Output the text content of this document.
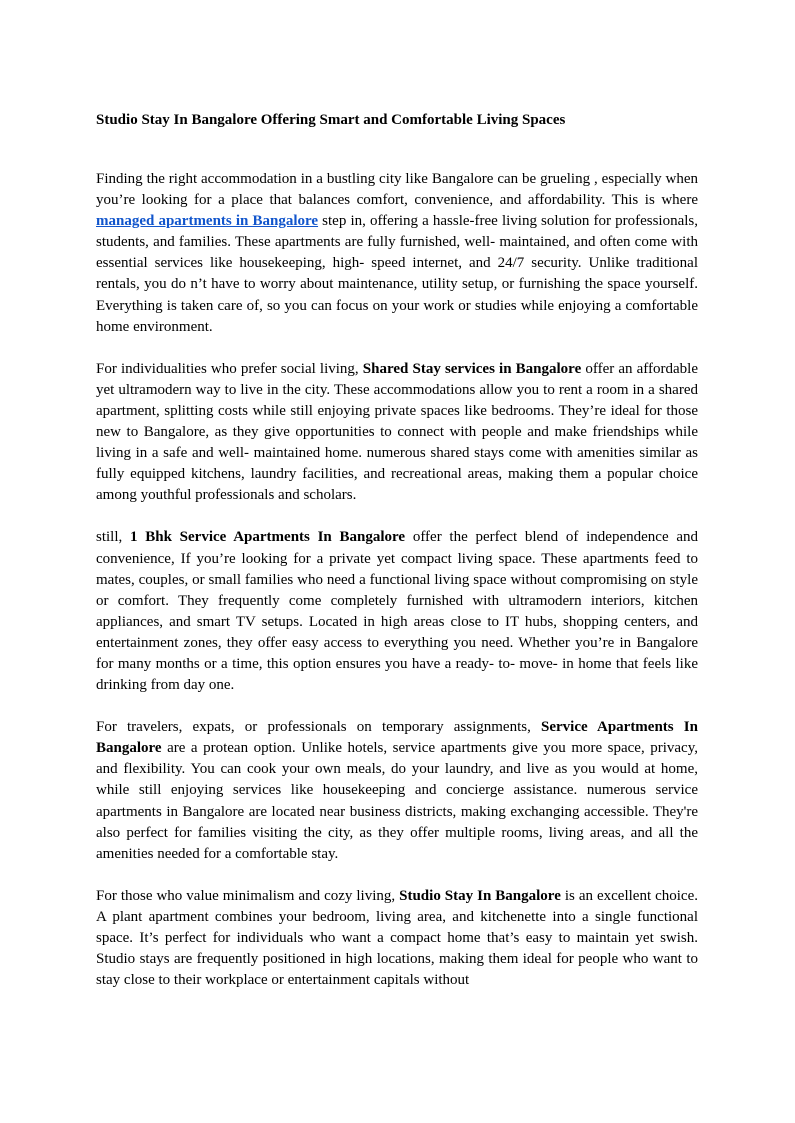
Studio Stay In Bangalore Offering Smart and Comfortable Living Spaces

Finding the right accommodation in a bustling city like Bangalore can be grueling , especially when you’re looking for a place that balances comfort, convenience, and affordability. This is where managed apartments in Bangalore step in, offering a hassle-free living solution for professionals, students, and families. These apartments are fully furnished, well- maintained, and often come with essential services like housekeeping, high- speed internet, and 24/7 security. Unlike traditional rentals, you do n’t have to worry about maintenance, utility setup, or furnishing the space yourself. Everything is taken care of, so you can focus on your work or studies while enjoying a comfortable home environment.

For individualities who prefer social living, Shared Stay services in Bangalore offer an affordable yet ultramodern way to live in the city. These accommodations allow you to rent a room in a shared apartment, splitting costs while still enjoying private spaces like bedrooms. They’re ideal for those new to Bangalore, as they give opportunities to connect with people and make friendships while living in a safe and well- maintained home. numerous shared stays come with amenities similar as fully equipped kitchens, laundry facilities, and recreational areas, making them a popular choice among youthful professionals and scholars.

still, 1 Bhk Service Apartments In Bangalore offer the perfect blend of independence and convenience, If you’re looking for a private yet compact living space. These apartments feed to mates, couples, or small families who need a functional living space without compromising on style or comfort. They frequently come completely furnished with ultramodern interiors, kitchen appliances, and smart TV setups. Located in high areas close to IT hubs, shopping centers, and entertainment zones, they offer easy access to everything you need. Whether you’re in Bangalore for many months or a time, this option ensures you have a ready- to- move- in home that feels like drinking from day one.

For travelers, expats, or professionals on temporary assignments, Service Apartments In Bangalore are a protean option. Unlike hotels, service apartments give you more space, privacy, and flexibility. You can cook your own meals, do your laundry, and live as you would at home, while still enjoying services like housekeeping and concierge assistance. numerous service apartments in Bangalore are located near business districts, making exchanging accessible. They're also perfect for families visiting the city, as they offer multiple rooms, living areas, and all the amenities needed for a comfortable stay.

For those who value minimalism and cozy living, Studio Stay In Bangalore is an excellent choice. A plant apartment combines your bedroom, living area, and kitchenette into a single functional space. It’s perfect for individuals who want a compact home that’s easy to maintain yet swish. Studio stays are frequently positioned in high locations, making them ideal for people who want to stay close to their workplace or entertainment capitals without
